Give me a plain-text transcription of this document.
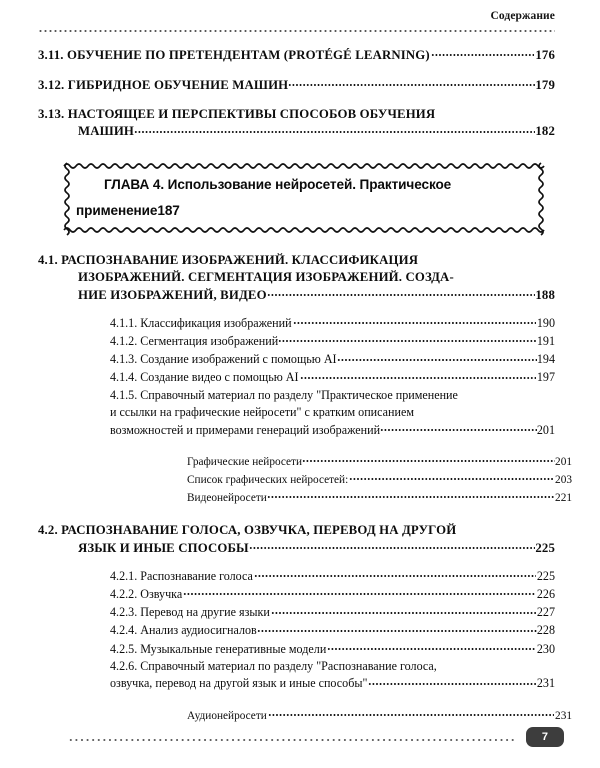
Содержание
3.11. ОБУЧЕНИЕ ПО ПРЕТЕНДЕНТАМ (PROTÉGÉ LEARNING)	176
3.12. ГИБРИДНОЕ ОБУЧЕНИЕ МАШИН	179
3.13. НАСТОЯЩЕЕ И ПЕРСПЕКТИВЫ СПОСОБОВ ОБУЧЕНИЯ
МАШИН	182
ГЛАВА 4. Использование нейросетей. Практическое
применение 187
4.1. РАСПОЗНАВАНИЕ ИЗОБРАЖЕНИЙ. КЛАССИФИКАЦИЯ
ИЗОБРАЖЕНИЙ. СЕГМЕНТАЦИЯ ИЗОБРАЖЕНИЙ. СОЗДА-
НИЕ ИЗОБРАЖЕНИЙ, ВИДЕО	188
4.1.1. Классификация изображений	190
4.1.2. Сегментация изображений	191
4.1.3. Создание изображений с помощью AI	194
4.1.4. Создание видео с помощью AI	197
4.1.5. Справочный материал по разделу "Практическое применение
и ссылки на графические нейросети" с кратким описанием
возможностей и примерами генераций изображений	201
Графические нейросети	201
Список графических нейросетей:	203
Видеонейросети	221
4.2. РАСПОЗНАВАНИЕ ГОЛОСА, ОЗВУЧКА, ПЕРЕВОД НА ДРУГОЙ
ЯЗЫК И ИНЫЕ СПОСОБЫ	225
4.2.1. Распознавание голоса	225
4.2.2. Озвучка	226
4.2.3. Перевод на другие языки	227
4.2.4. Анализ аудиосигналов	228
4.2.5. Музыкальные генеративные модели	230
4.2.6. Справочный материал по разделу "Распознавание голоса,
озвучка, перевод на другой язык и иные способы"	231
Аудионейросети	231
7
